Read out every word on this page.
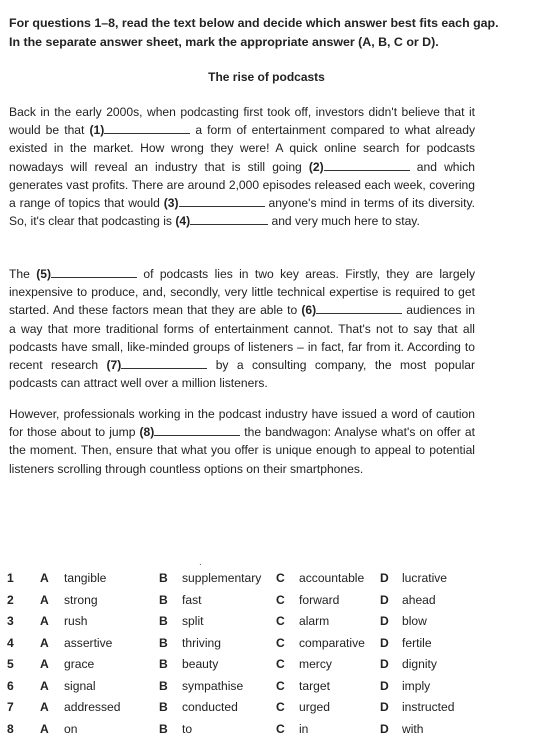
For questions 1–8, read the text below and decide which answer best fits each gap. In the separate answer sheet, mark the appropriate answer (A, B, C or D).
The rise of podcasts
Back in the early 2000s, when podcasting first took off, investors didn't believe that it would be that (1)	a form of entertainment compared to what already existed in the market. How wrong they were! A quick online search for podcasts nowadays will reveal an industry that is still going (2)	and which generates vast profits. There are around 2,000 episodes released each week, covering a range of topics that would (3)	anyone's mind in terms of its diversity. So, it's clear that podcasting is (4)	and very much here to stay.
The (5)	of podcasts lies in two key areas. Firstly, they are largely inexpensive to produce, and, secondly, very little technical expertise is required to get started. And these factors mean that they are able to (6)	audiences in a way that more traditional forms of entertainment cannot. That's not to say that all podcasts have small, like-minded groups of listeners – in fact, far from it. According to recent research (7)	by a consulting company, the most popular podcasts can attract well over a million listeners.
However, professionals working in the podcast industry have issued a word of caution for those about to jump (8)	the bandwagon: Analyse what's on offer at the moment. Then, ensure that what you offer is unique enough to appeal to potential listeners scrolling through countless options on their smartphones.
.
1 A tangible	B supplementary C accountable D lucrative
2 A strong	B fast	C forward	D ahead
3 A rush	B split	C alarm	D blow
4 A assertive	B thriving	C comparative D fertile
5 A grace	B beauty	C mercy	D dignity
6 A signal	B sympathise	C target	D imply
7 A addressed	B conducted	C urged	D instructed
8 A on	B to	C in	D with
